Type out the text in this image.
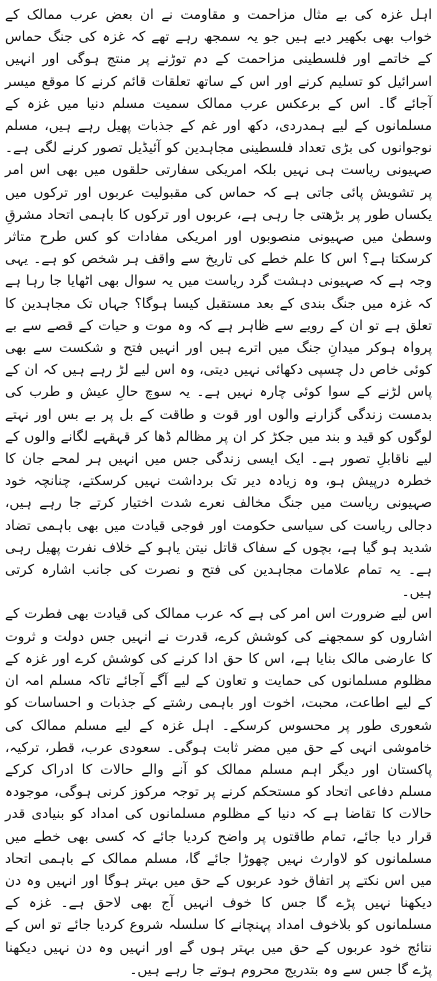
اہل غزہ کی بے مثال مزاحمت و مقاومت نے ان بعض عرب ممالک کے خواب بھی بکھیر دیے ہیں جو یہ سمجھ رہے تھے کہ غزہ کی جنگ حماس کے خاتمے اور فلسطینی مزاحمت کے دم توڑنے پر منتج ہوگی اور انہیں اسرائیل کو تسلیم کرنے اور اس کے ساتھ تعلقات قائم کرنے کا موقع میسر آجائے گا۔ اس کے برعکس عرب ممالک سمیت مسلم دنیا میں غزہ کے مسلمانوں کے لیے ہمدردی، دکھ اور غم کے جذبات پھیل رہے ہیں، مسلم نوجوانوں کی بڑی تعداد فلسطینی مجاہدین کو آئیڈیل تصور کرنے لگی ہے۔ صہیونی ریاست ہی نہیں بلکہ امریکی سفارتی حلقوں میں بھی اس امر پر تشویش پائی جاتی ہے کہ حماس کی مقبولیت عربوں اور ترکوں میں یکساں طور پر بڑھتی جا رہی ہے، عربوں اور ترکوں کا باہمی اتحاد مشرقِ وسطیٰ میں صہیونی منصوبوں اور امریکی مفادات کو کس طرح متاثر کرسکتا ہے؟ اس کا علم خطے کی تاریخ سے واقف ہر شخص کو ہے۔ یہی وجہ ہے کہ صہیونی دہشت گرد ریاست میں یہ سوال بھی اٹھایا جا رہا ہے کہ غزہ میں جنگ بندی کے بعد مستقبل کیسا ہوگا؟ جہاں تک مجاہدین کا تعلق ہے تو ان کے رویے سے ظاہر ہے کہ وہ موت و حیات کے قصے سے بے پرواہ ہوکر میدانِ جنگ میں اترے ہیں اور انہیں فتح و شکست سے بھی کوئی خاص دل چسپی دکھائی نہیں دیتی، وہ اس لیے لڑ رہے ہیں کہ ان کے پاس لڑنے کے سوا کوئی چارہ نہیں ہے۔ یہ سوچ حالِ عیش و طرب کی بدمست زندگی گزارنے والوں اور قوت و طاقت کے بل پر بے بس اور نہتے لوگوں کو قید و بند میں جکڑ کر ان پر مظالم ڈھا کر قہقہے لگانے والوں کے لیے ناقابلِ تصور ہے۔ ایک ایسی زندگی جس میں انہیں ہر لمحے جان کا خطرہ درپیش ہو، وہ زیادہ دیر تک برداشت نہیں کرسکتے، چنانچہ خود صہیونی ریاست میں جنگ مخالف نعرے شدت اختیار کرتے جا رہے ہیں، دجالی ریاست کی سیاسی حکومت اور فوجی قیادت میں بھی باہمی تضاد شدید ہو گیا ہے، بچوں کے سفاک قاتل نیتن یاہو کے خلاف نفرت پھیل رہی ہے۔ یہ تمام علامات مجاہدین کی فتح و نصرت کی جانب اشارہ کرتی ہیں۔

اس لیے ضرورت اس امر کی ہے کہ عرب ممالک کی قیادت بھی فطرت کے اشاروں کو سمجھنے کی کوشش کرے، قدرت نے انہیں جس دولت و ثروت کا عارضی مالک بنایا ہے، اس کا حق ادا کرنے کی کوشش کرے اور غزہ کے مظلوم مسلمانوں کی حمایت و تعاون کے لیے آگے آجائے تاکہ مسلم امہ ان کے لیے اطاعت، محبت، اخوت اور باہمی رشتے کے جذبات و احساسات کو شعوری طور پر محسوس کرسکے۔ اہل غزہ کے لیے مسلم ممالک کی خاموشی انہی کے حق میں مضر ثابت ہوگی۔ سعودی عرب، قطر، ترکیہ، پاکستان اور دیگر اہم مسلم ممالک کو آنے والے حالات کا ادراک کرکے مسلم دفاعی اتحاد کو مستحکم کرنے پر توجہ مرکوز کرنی ہوگی، موجودہ حالات کا تقاضا ہے کہ دنیا کے مظلوم مسلمانوں کی امداد کو بنیادی قدر قرار دیا جائے، تمام طاقتوں پر واضح کردیا جائے کہ کسی بھی خطے میں مسلمانوں کو لاوارث نہیں چھوڑا جائے گا، مسلم ممالک کے باہمی اتحاد میں اس نکتے پر اتفاق خود عربوں کے حق میں بہتر ہوگا اور انہیں وہ دن دیکھنا نہیں پڑے گا جس کا خوف انہیں آج بھی لاحق ہے۔ غزہ کے مسلمانوں کو بلاخوف امداد پہنچانے کا سلسلہ شروع کردیا جائے تو اس کے نتائج خود عربوں کے حق میں بہتر ہوں گے اور انہیں وہ دن نہیں دیکھنا پڑے گا جس سے وہ بتدریج محروم ہوتے جا رہے ہیں۔
